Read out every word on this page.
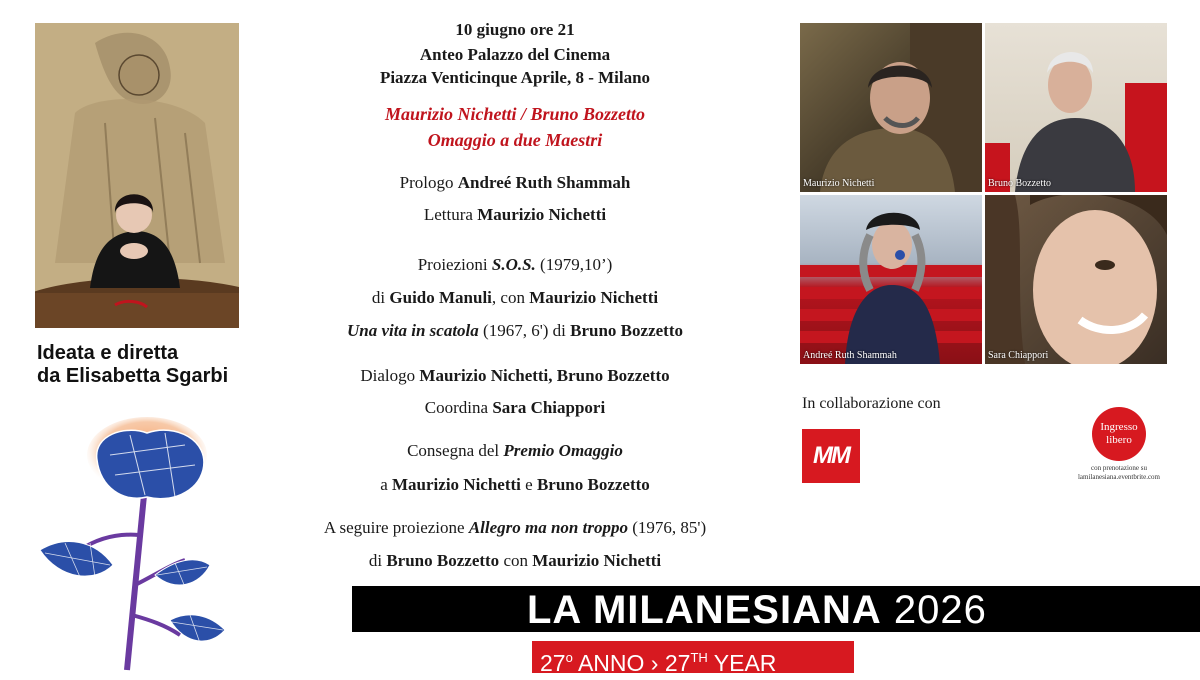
Ideata e diretta
da Elisabetta Sgarbi
10 giugno ore 21
Anteo Palazzo del Cinema
Piazza Venticinque Aprile, 8 - Milano
Maurizio Nichetti / Bruno Bozzetto
Omaggio a due Maestri
Prologo Andreé Ruth Shammah
Lettura Maurizio Nichetti
Proiezioni S.O.S. (1979,10’)
di Guido Manuli, con Maurizio Nichetti
Una vita in scatola (1967, 6') di Bruno Bozzetto
Dialogo Maurizio Nichetti, Bruno Bozzetto
Coordina Sara Chiappori
Consegna del Premio Omaggio
a Maurizio Nichetti e Bruno Bozzetto
A seguire proiezione Allegro ma non troppo (1976, 85')
di Bruno Bozzetto con Maurizio Nichetti
Maurizio Nichetti	Bruno Bozzetto
Andreé Ruth Shammah	Sara Chiappori
In collaborazione con
MM
Ingresso
libero
con prenotazione su
lamilanesiana.eventbrite.com
LA MILANESIANA 2026
27$^o$ ANNO › 27TH YEAR
